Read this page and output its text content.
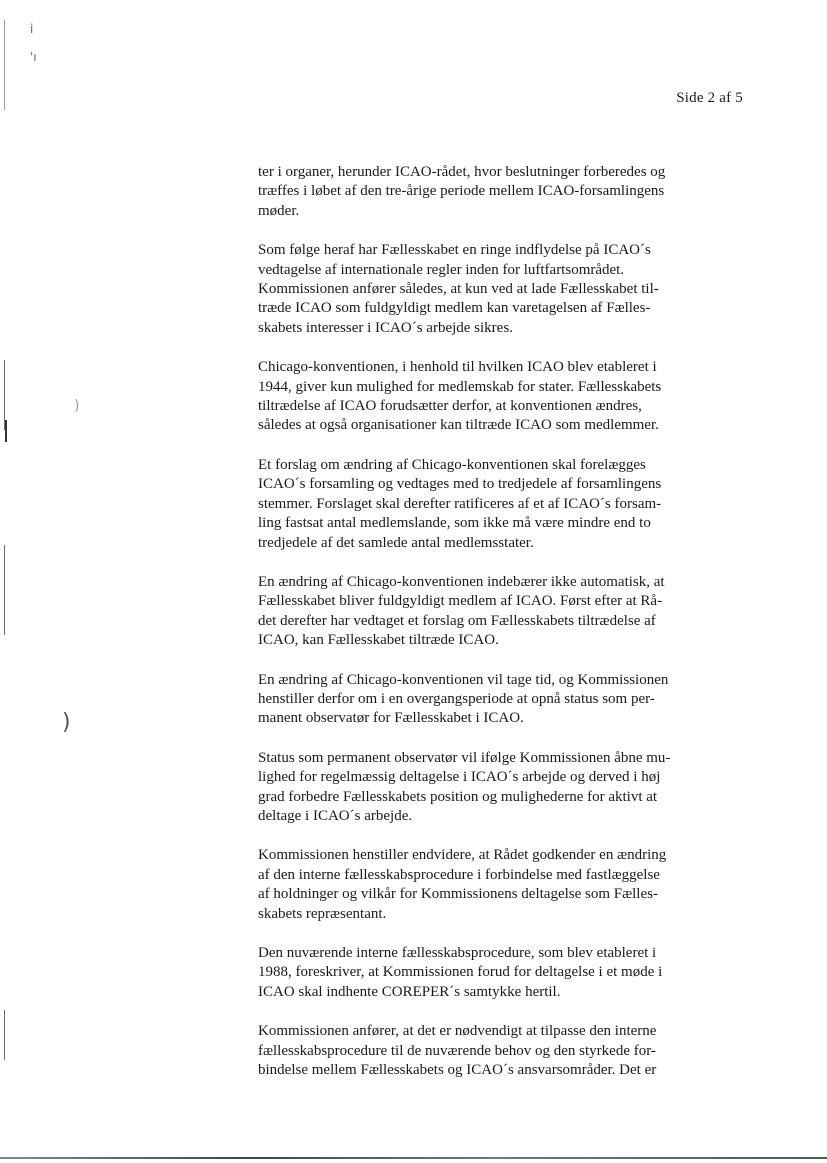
i
'ı
)
)
Side 2 af 5

ter i organer, herunder ICAO-rådet, hvor beslutninger forberedes og
træffes i løbet af den tre-årige periode mellem ICAO-forsamlingens
møder.

Som følge heraf har Fællesskabet en ringe indflydelse på ICAO´s
vedtagelse af internationale regler inden for luftfartsområdet.
Kommissionen anfører således, at kun ved at lade Fællesskabet til-
træde ICAO som fuldgyldigt medlem kan varetagelsen af Fælles-
skabets interesser i ICAO´s arbejde sikres.

Chicago-konventionen, i henhold til hvilken ICAO blev etableret i
1944, giver kun mulighed for medlemskab for stater. Fællesskabets
tiltrædelse af ICAO forudsætter derfor, at konventionen ændres,
således at også organisationer kan tiltræde ICAO som medlemmer.

Et forslag om ændring af Chicago-konventionen skal forelægges
ICAO´s forsamling og vedtages med to tredjedele af forsamlingens
stemmer. Forslaget skal derefter ratificeres af et af ICAO´s forsam-
ling fastsat antal medlemslande, som ikke må være mindre end to
tredjedele af det samlede antal medlemsstater.

En ændring af Chicago-konventionen indebærer ikke automatisk, at
Fællesskabet bliver fuldgyldigt medlem af ICAO. Først efter at Rå-
det derefter har vedtaget et forslag om Fællesskabets tiltrædelse af
ICAO, kan Fællesskabet tiltræde ICAO.

En ændring af Chicago-konventionen vil tage tid, og Kommissionen
henstiller derfor om i en overgangsperiode at opnå status som per-
manent observatør for Fællesskabet i ICAO.

Status som permanent observatør vil ifølge Kommissionen åbne mu-
lighed for regelmæssig deltagelse i ICAO´s arbejde og derved i høj
grad forbedre Fællesskabets position og mulighederne for aktivt at
deltage i ICAO´s arbejde.

Kommissionen henstiller endvidere, at Rådet godkender en ændring
af den interne fællesskabsprocedure i forbindelse med fastlæggelse
af holdninger og vilkår for Kommissionens deltagelse som Fælles-
skabets repræsentant.

Den nuværende interne fællesskabsprocedure, som blev etableret i
1988, foreskriver, at Kommissionen forud for deltagelse i et møde i
ICAO skal indhente COREPER´s samtykke hertil.

Kommissionen anfører, at det er nødvendigt at tilpasse den interne
fællesskabsprocedure til de nuværende behov og den styrkede for-
bindelse mellem Fællesskabets og ICAO´s ansvarsområder. Det er
